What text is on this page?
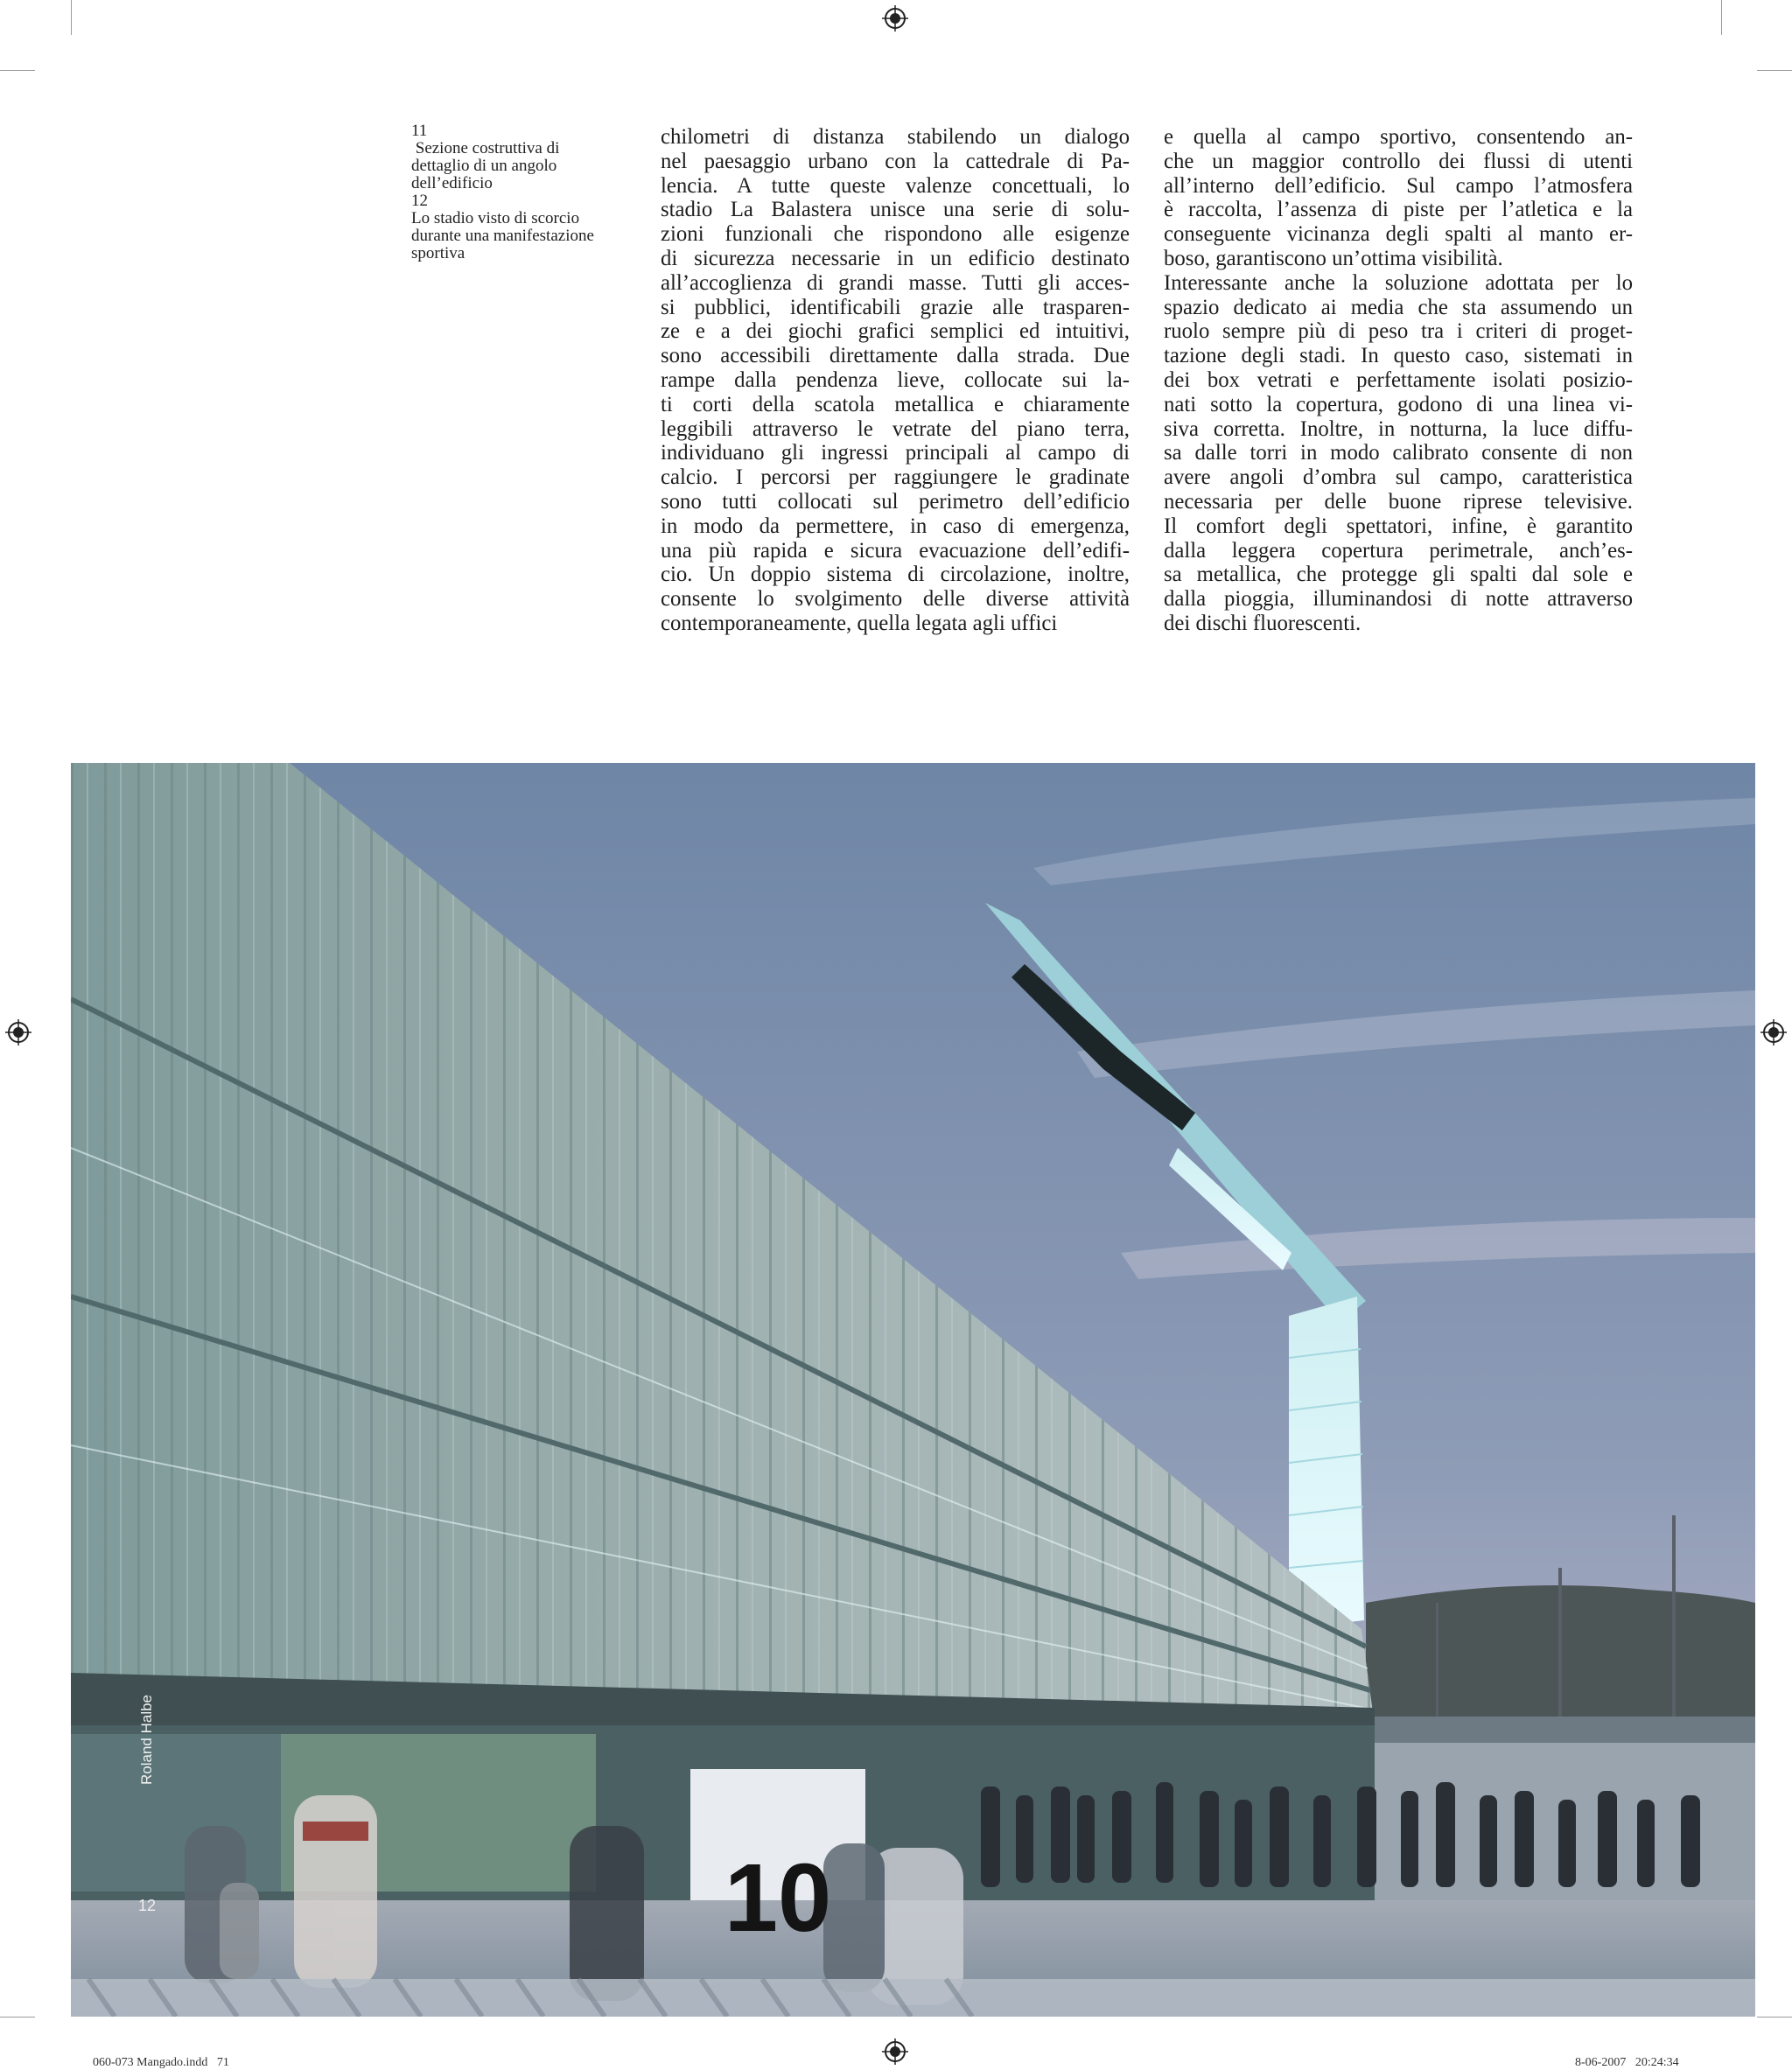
11
Sezione costruttiva di
dettaglio di un angolo
dell’edificio
12
Lo stadio visto di scorcio
durante una manifestazione
sportiva
chilometri di distanza stabilendo un dialogo
nel paesaggio urbano con la cattedrale di Pa-
lencia. A tutte queste valenze concettuali, lo
stadio La Balastera unisce una serie di solu-
zioni funzionali che rispondono alle esigenze
di sicurezza necessarie in un edificio destinato
all’accoglienza di grandi masse. Tutti gli acces-
si pubblici, identificabili grazie alle trasparen-
ze e a dei giochi grafici semplici ed intuitivi,
sono accessibili direttamente dalla strada. Due
rampe dalla pendenza lieve, collocate sui la-
ti corti della scatola metallica e chiaramente
leggibili attraverso le vetrate del piano terra,
individuano gli ingressi principali al campo di
calcio. I percorsi per raggiungere le gradinate
sono tutti collocati sul perimetro dell’edificio
in modo da permettere, in caso di emergenza,
una più rapida e sicura evacuazione dell’edifi-
cio. Un doppio sistema di circolazione, inoltre,
consente lo svolgimento delle diverse attività
contemporaneamente, quella legata agli uffici
e quella al campo sportivo, consentendo an-
che un maggior controllo dei flussi di utenti
all’interno dell’edificio. Sul campo l’atmosfera
è raccolta, l’assenza di piste per l’atletica e la
conseguente vicinanza degli spalti al manto er-
boso, garantiscono un’ottima visibilità.
Interessante anche la soluzione adottata per lo
spazio dedicato ai media che sta assumendo un
ruolo sempre più di peso tra i criteri di proget-
tazione degli stadi. In questo caso, sistemati in
dei box vetrati e perfettamente isolati posizio-
nati sotto la copertura, godono di una linea vi-
siva corretta. Inoltre, in notturna, la luce diffu-
sa dalle torri in modo calibrato consente di non
avere angoli d’ombra sul campo, caratteristica
necessaria per delle buone riprese televisive.
Il comfort degli spettatori, infine, è garantito
dalla leggera copertura perimetrale, anch’es-
sa metallica, che protegge gli spalti dal sole e
dalla pioggia, illuminandosi di notte attraverso
dei dischi fluorescenti.
10
Roland Halbe
12
060-073 Mangado.indd   71	8-06-2007   20:24:34
